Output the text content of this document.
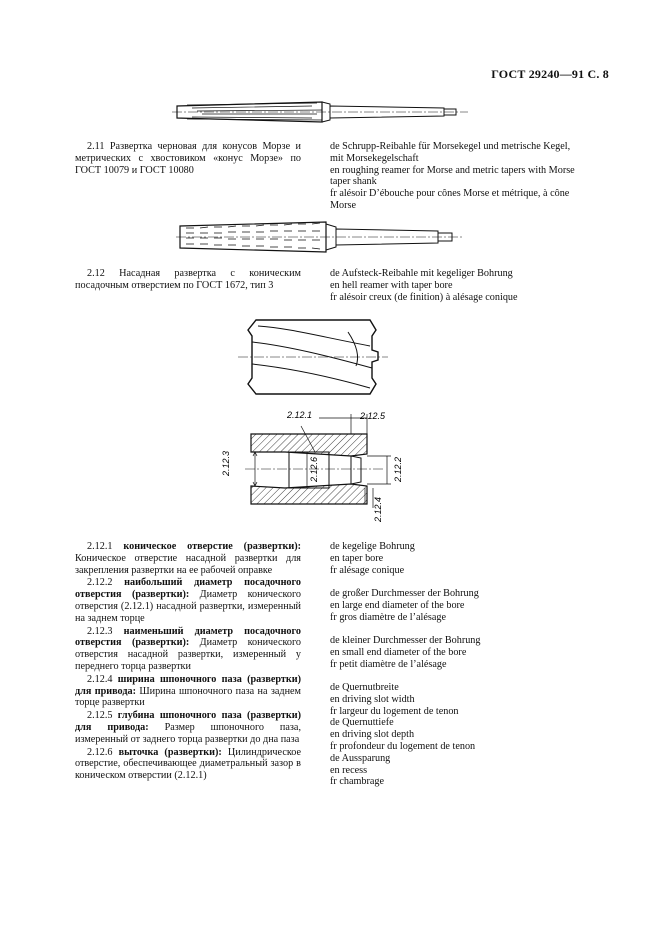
ГОСТ 29240—91 С. 8
2.11 Развертка черновая для конусов Морзе и метрических с хвостовиком «конус Морзе» по ГОСТ 10079 и ГОСТ 10080
de Schrupp-Reibahle für Morsekegel und metrische Kegel, mit Morsekegelschaft
en roughing reamer for Morse and metric tapers with Morse taper shank
fr alésoir D’ébouche pour cônes Morse et métrique, à cône Morse
2.12 Насадная развертка с коническим посадочным отверстием по ГОСТ 1672, тип 3
de Aufsteck-Reibahle mit kegeliger Bohrung
en hell reamer with taper bore
fr alésoir creux (de finition) à alésage conique
2.12.3
2.12.1	2.12.5
2.12.6	2.12.2
2.12.4
2.12.1 коническое отверстие (развертки): Коническое отверстие насадной развертки для закрепления развертки на ее рабочей оправке
2.12.2 наибольший диаметр посадочного отверстия (развертки): Диаметр конического отверстия (2.12.1) насадной развертки, измеренный на заднем торце
2.12.3 наименьший диаметр посадочного отверстия (развертки): Диаметр конического отверстия насадной развертки, измеренный у переднего торца развертки
2.12.4 ширина шпоночного паза (развертки) для привода: Ширина шпоночного паза на заднем торце развертки
2.12.5 глубина шпоночного паза (развертки) для привода: Размер шпоночного паза, измеренный от заднего торца развертки до дна паза
2.12.6 выточка (развертки): Цилиндрическое отверстие, обеспечивающее диаметральный зазор в коническом отверстии (2.12.1)
de kegelige Bohrung
en taper bore
fr alésage conique
de großer Durchmesser der Bohrung
en large end diameter of the bore
fr gros diamètre de l’alésage
de kleiner Durchmesser der Bohrung
en small end diameter of the bore
fr petit diamètre de l’alésage
de Quernutbreite
en driving slot width
fr largeur du logement de tenon
de Quernuttiefe
en driving slot depth
fr profondeur du logement de tenon
de Aussparung
en recess
fr chambrage
